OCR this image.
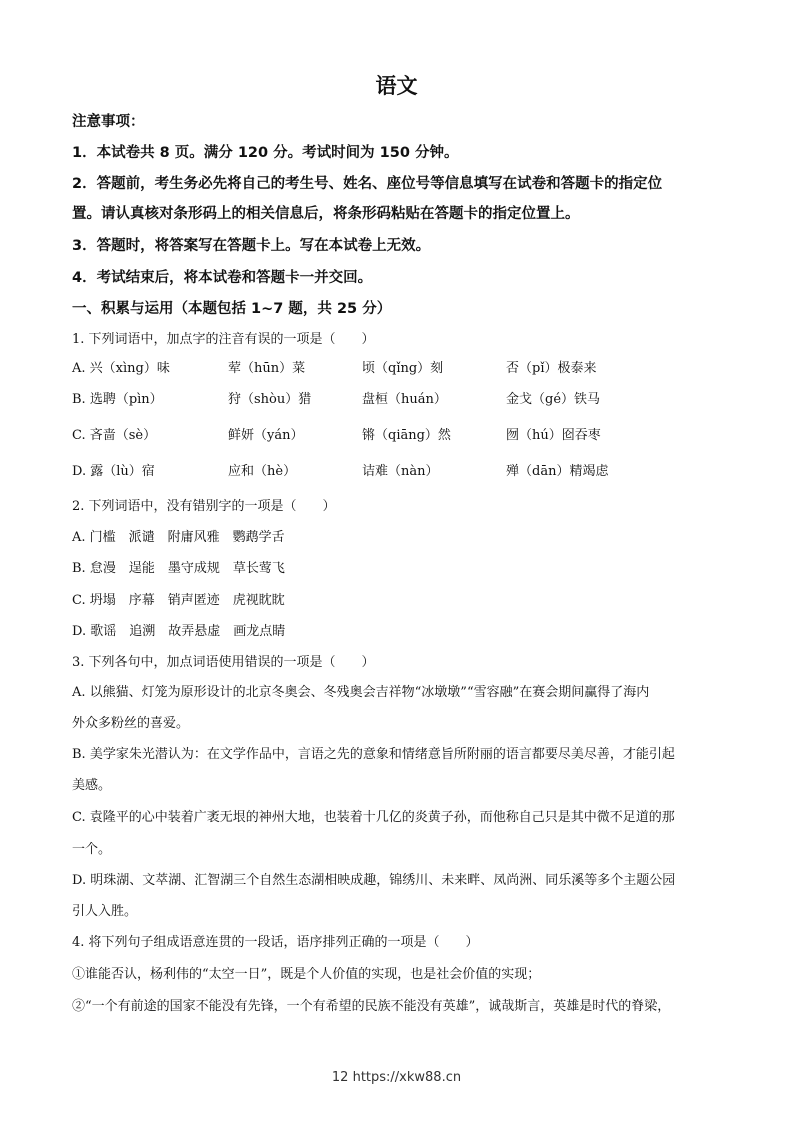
语文
注意事项：
1．本试卷共 8 页。满分 120 分。考试时间为 150 分钟。
2．答题前，考生务必先将自己的考生号、姓名、座位号等信息填写在试卷和答题卡的指定位
置。请认真核对条形码上的相关信息后，将条形码粘贴在答题卡的指定位置上。
3．答题时，将答案写在答题卡上。写在本试卷上无效。
4．考试结束后，将本试卷和答题卡一并交回。
一、积累与运用（本题包括 1~7 题，共 25 分）
1. 下列词语中，加点字的注音有误的一项是（　　）
A. 兴（xìng）味	荤（hūn）菜	顷（qǐng）刻	否（pǐ）极泰来
B. 选聘（pìn）	狩（shòu）猎	盘桓（huán）	金戈（gé）铁马
C. 吝啬（sè）	鲜妍（yán）	锵（qiāng）然	囫（hú）囵吞枣
D. 露（lù）宿	应和（hè）	诘难（nàn）	殚（dān）精竭虑
2. 下列词语中，没有错别字的一项是（　　）
A. 门槛　派谴　附庸风雅　鹦鹉学舌
B. 怠漫　逞能　墨守成规　草长莺飞
C. 坍塌　序幕　销声匿迹　虎视眈眈
D. 歌谣　追溯　故弄悬虚　画龙点睛
3. 下列各句中，加点词语使用错误的一项是（　　）
A. 以熊猫、灯笼为原形设计的北京冬奥会、冬残奥会吉祥物“冰墩墩”“雪容融”在赛会期间赢得了海内
外众多粉丝的喜爱。
B. 美学家朱光潜认为：在文学作品中，言语之先的意象和情绪意旨所附丽的语言都要尽美尽善，才能引起
美感。
C. 袁隆平的心中装着广袤无垠的神州大地，也装着十几亿的炎黄子孙，而他称自己只是其中微不足道的那
一个。
D. 明珠湖、文萃湖、汇智湖三个自然生态湖相映成趣，锦绣川、未来畔、凤尚洲、同乐溪等多个主题公园
引人入胜。
4. 将下列句子组成语意连贯的一段话，语序排列正确的一项是（　　）
①谁能否认，杨利伟的“太空一日”，既是个人价值的实现，也是社会价值的实现；
②“一个有前途的国家不能没有先锋，一个有希望的民族不能没有英雄”，诚哉斯言，英雄是时代的脊梁，
12 https://xkw88.cn
